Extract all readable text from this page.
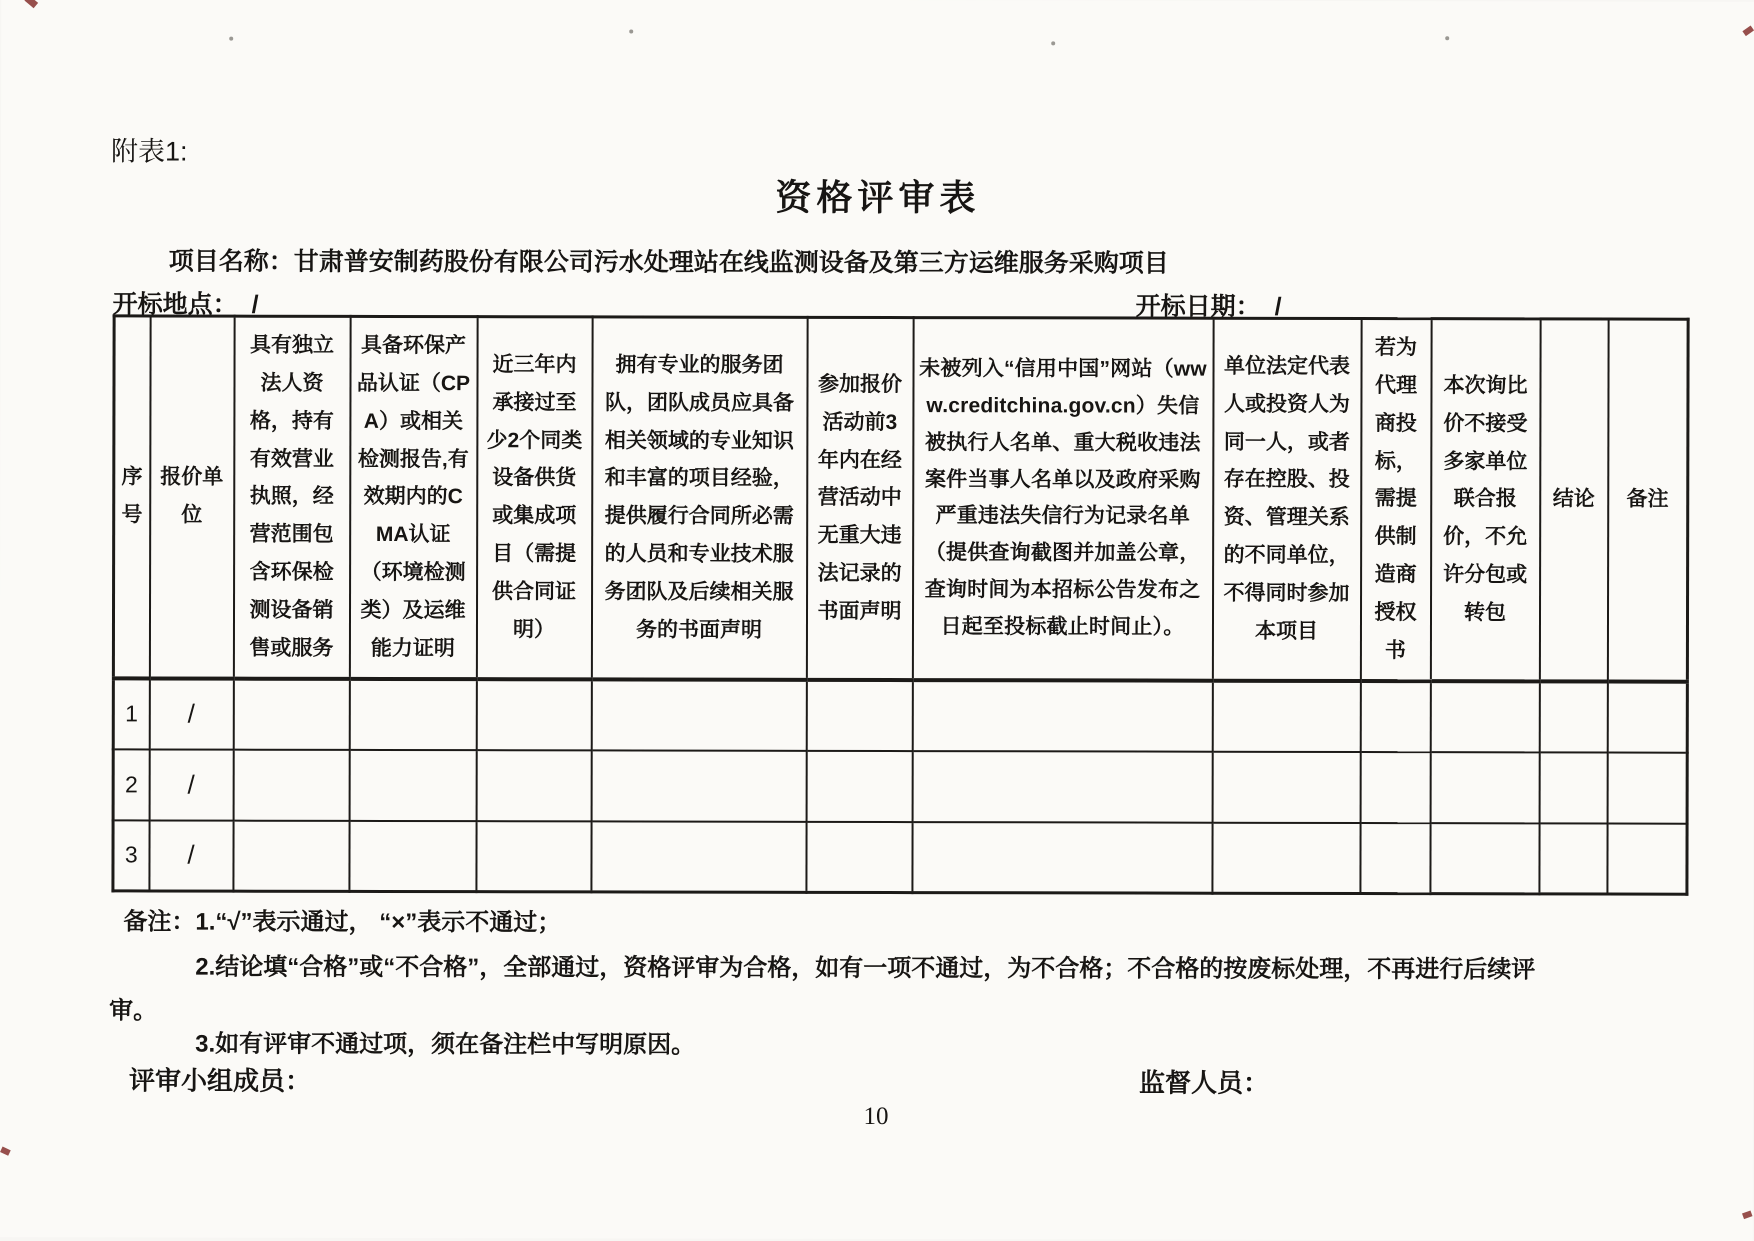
附表1:
资格评审表
项目名称：甘肃普安制药股份有限公司污水处理站在线监测设备及第三方运维服务采购项目
开标地点： /	开标日期： /
序号	报价单位	具有独立法人资格，持有有效营业执照，经营范围包含环保检测设备销售或服务	具备环保产品认证（CPA）或相关检测报告,有效期内的CMA认证（环境检测类）及运维能力证明	近三年内承接过至少2个同类设备供货或集成项目（需提供合同证明）	拥有专业的服务团队，团队成员应具备相关领域的专业知识和丰富的项目经验，提供履行合同所必需的人员和专业技术服务团队及后续相关服务的书面声明	参加报价活动前3年内在经营活动中无重大违法记录的书面声明	未被列入“信用中国”网站（www.creditchina.gov.cn）失信被执行人名单、重大税收违法案件当事人名单以及政府采购严重违法失信行为记录名单（提供查询截图并加盖公章，查询时间为本招标公告发布之日起至投标截止时间止）。	单位法定代表人或投资人为同一人，或者存在控股、投资、管理关系的不同单位，不得同时参加本项目	若为代理商投标，需提供制造商授权书	本次询比价不接受多家单位联合报价，不允许分包或转包	结论	备注
1	/											
2	/											
3	/											
备注：1.“√”表示通过， “×”表示不通过；
2.结论填“合格”或“不合格”，全部通过，资格评审为合格，如有一项不通过，为不合格；不合格的按废标处理，不再进行后续评审。
3.如有评审不通过项，须在备注栏中写明原因。
评审小组成员：	监督人员：
10
